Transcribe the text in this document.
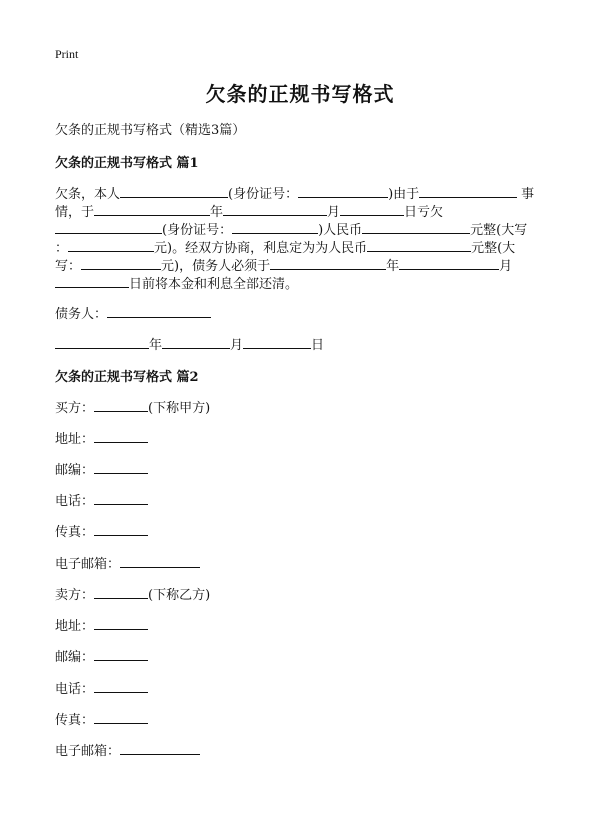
Print
欠条的正规书写格式
欠条的正规书写格式（精选3篇）
欠条的正规书写格式 篇1
欠条，本人	(身份证号：	)由于	事
情，于	年	月	日亏欠
(身份证号：	)人民币	元整(大写
：	元)。经双方协商，利息定为为人民币	元整(大
写：	元)，债务人必须于	年	月
日前将本金和利息全部还清。
债务人：
年	月	日
欠条的正规书写格式 篇2
买方：	(下称甲方)
地址：
邮编：
电话：
传真：
电子邮箱：
卖方：	(下称乙方)
地址：
邮编：
电话：
传真：
电子邮箱：
